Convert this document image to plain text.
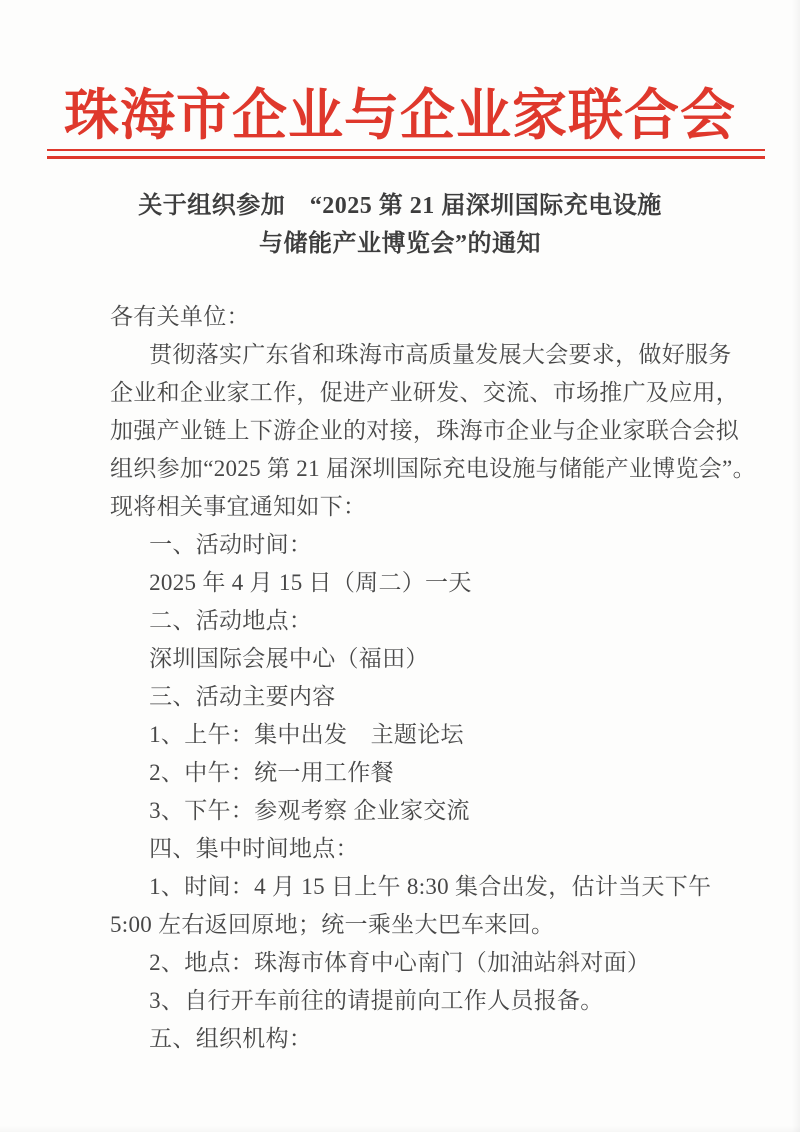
珠海市企业与企业家联合会
关于组织参加　“2025 第 21 届深圳国际充电设施
与储能产业博览会”的通知
各有关单位：
贯彻落实广东省和珠海市高质量发展大会要求，做好服务
企业和企业家工作，促进产业研发、交流、市场推广及应用，
加强产业链上下游企业的对接，珠海市企业与企业家联合会拟
组织参加“2025 第 21 届深圳国际充电设施与储能产业博览会”。
现将相关事宜通知如下：
一、活动时间：
2025 年 4 月 15 日（周二）一天
二、活动地点：
深圳国际会展中心（福田）
三、活动主要内容
1、上午：集中出发　主题论坛
2、中午：统一用工作餐
3、下午：参观考察 企业家交流
四、集中时间地点：
1、时间：4 月 15 日上午 8:30 集合出发，估计当天下午
5:00 左右返回原地；统一乘坐大巴车来回。
2、地点：珠海市体育中心南门（加油站斜对面）
3、自行开车前往的请提前向工作人员报备。
五、组织机构：
